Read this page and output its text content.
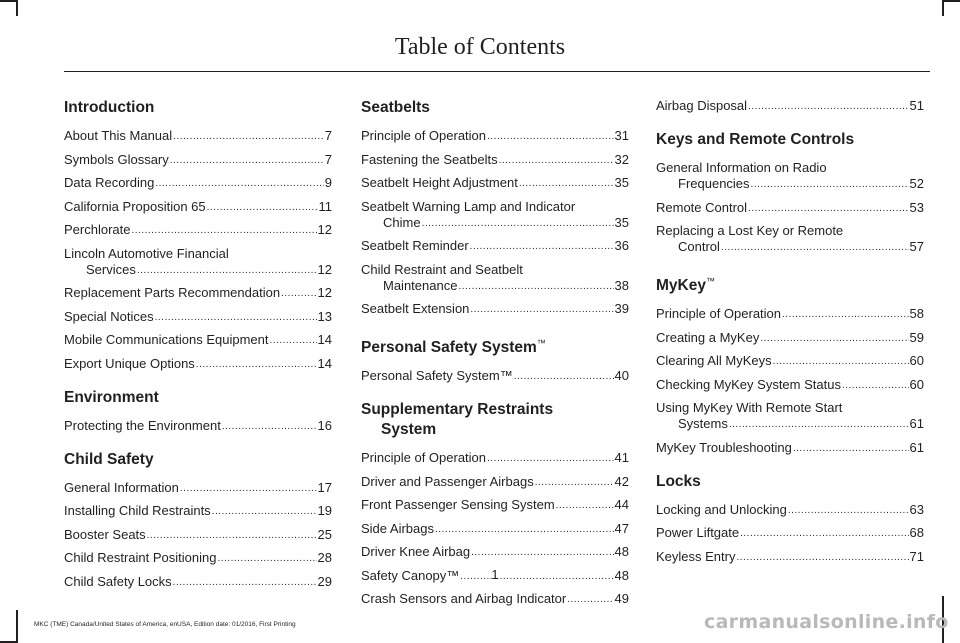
Table of Contents
Introduction
About This Manual .....	7
Symbols Glossary .....	7
Data Recording .....	9
California Proposition 65 .....	11
Perchlorate .....	12
Lincoln Automotive Financial
Services .....	12
Replacement Parts Recommendation .....	12
Special Notices .....	13
Mobile Communications Equipment .....	14
Export Unique Options .....	14
Environment
Protecting the Environment .....	16
Child Safety
General Information .....	17
Installing Child Restraints .....	19
Booster Seats .....	25
Child Restraint Positioning .....	28
Child Safety Locks .....	29
Seatbelts
Principle of Operation .....	31
Fastening the Seatbelts .....	32
Seatbelt Height Adjustment .....	35
Seatbelt Warning Lamp and Indicator
Chime .....	35
Seatbelt Reminder .....	36
Child Restraint and Seatbelt
Maintenance .....	38
Seatbelt Extension .....	39
Personal Safety System™
Personal Safety System™ .....	40
Supplementary Restraints
System
Principle of Operation .....	41
Driver and Passenger Airbags .....	42
Front Passenger Sensing System .....	44
Side Airbags .....	47
Driver Knee Airbag .....	48
Safety Canopy™ .....	48
Crash Sensors and Airbag Indicator .....	49
Airbag Disposal .....	51
Keys and Remote Controls
General Information on Radio
Frequencies .....	52
Remote Control .....	53
Replacing a Lost Key or Remote
Control .....	57
MyKey™
Principle of Operation .....	58
Creating a MyKey .....	59
Clearing All MyKeys .....	60
Checking MyKey System Status .....	60
Using MyKey With Remote Start
Systems .....	61
MyKey Troubleshooting .....	61
Locks
Locking and Unlocking .....	63
Power Liftgate .....	68
Keyless Entry .....	71
1
MKC (TME) Canada/United States of America, enUSA, Edition date: 01/2016, First Printing	carmanualsonline.info
